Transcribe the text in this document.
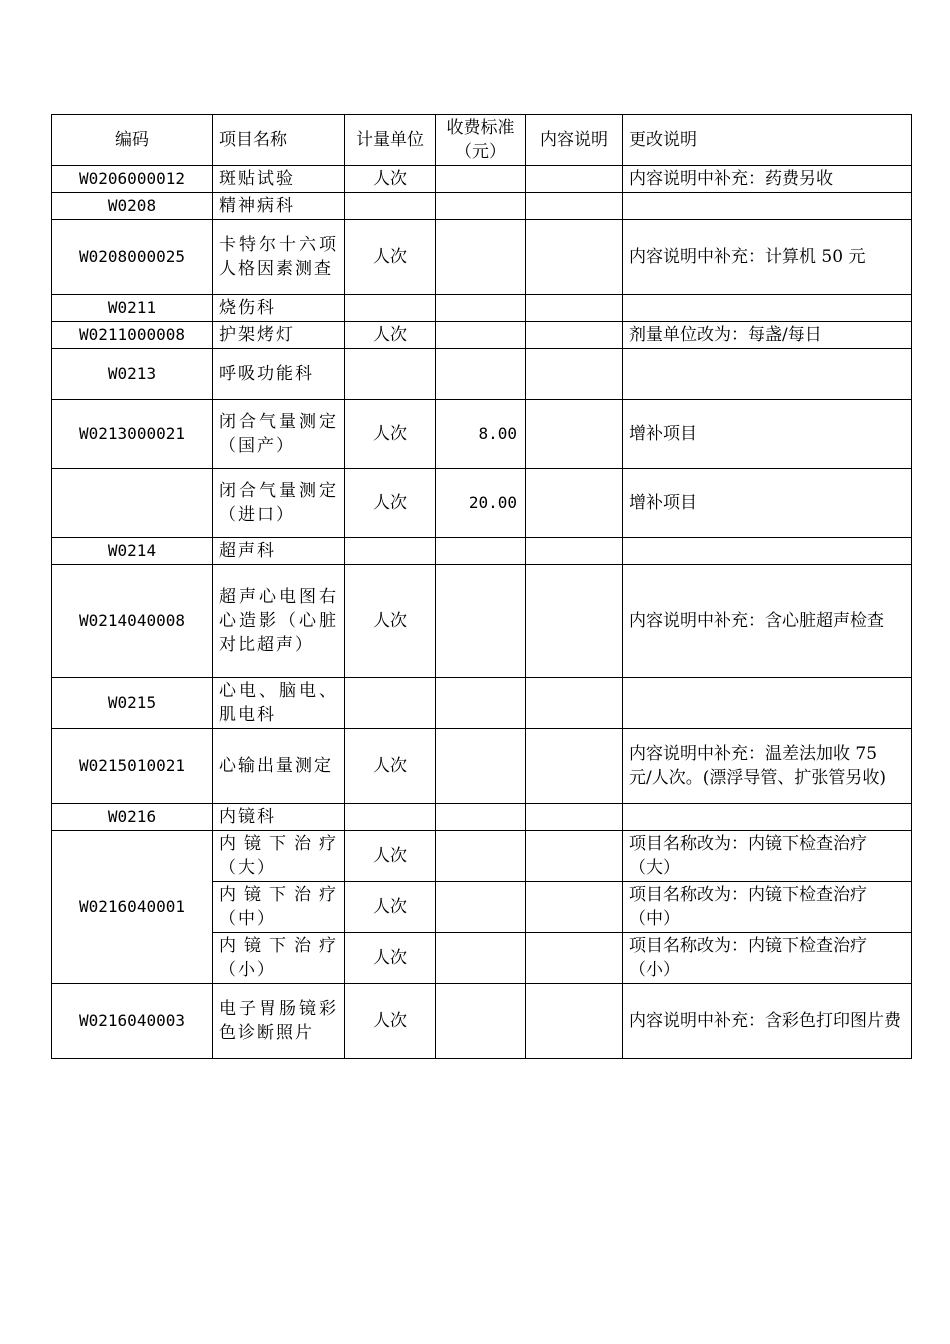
编码	项目名称	计量单位	收费标准（元）	内容说明	更改说明
W0206000012	斑贴试验	人次			内容说明中补充：药费另收
W0208	精神病科				
W0208000025	卡特尔十六项人格因素测查	人次			内容说明中补充：计算机 50 元
W0211	烧伤科				
W0211000008	护架烤灯	人次			剂量单位改为：每盏/每日
W0213	呼吸功能科				
W0213000021	闭合气量测定（国产）	人次	8.00		增补项目
	闭合气量测定（进口）	人次	20.00		增补项目
W0214	超声科				
W0214040008	超声心电图右心造影（心脏对比超声）	人次			内容说明中补充：含心脏超声检查
W0215	心电、脑电、肌电科				
W0215010021	心输出量测定	人次			内容说明中补充：温差法加收 75 元/人次。(漂浮导管、扩张管另收)
W0216	内镜科				
W0216040001	内镜下治疗（大）	人次			项目名称改为：内镜下检查治疗（大）
	内镜下治疗（中）	人次			项目名称改为：内镜下检查治疗（中）
	内镜下治疗（小）	人次			项目名称改为：内镜下检查治疗（小）
W0216040003	电子胃肠镜彩色诊断照片	人次			内容说明中补充：含彩色打印图片费
